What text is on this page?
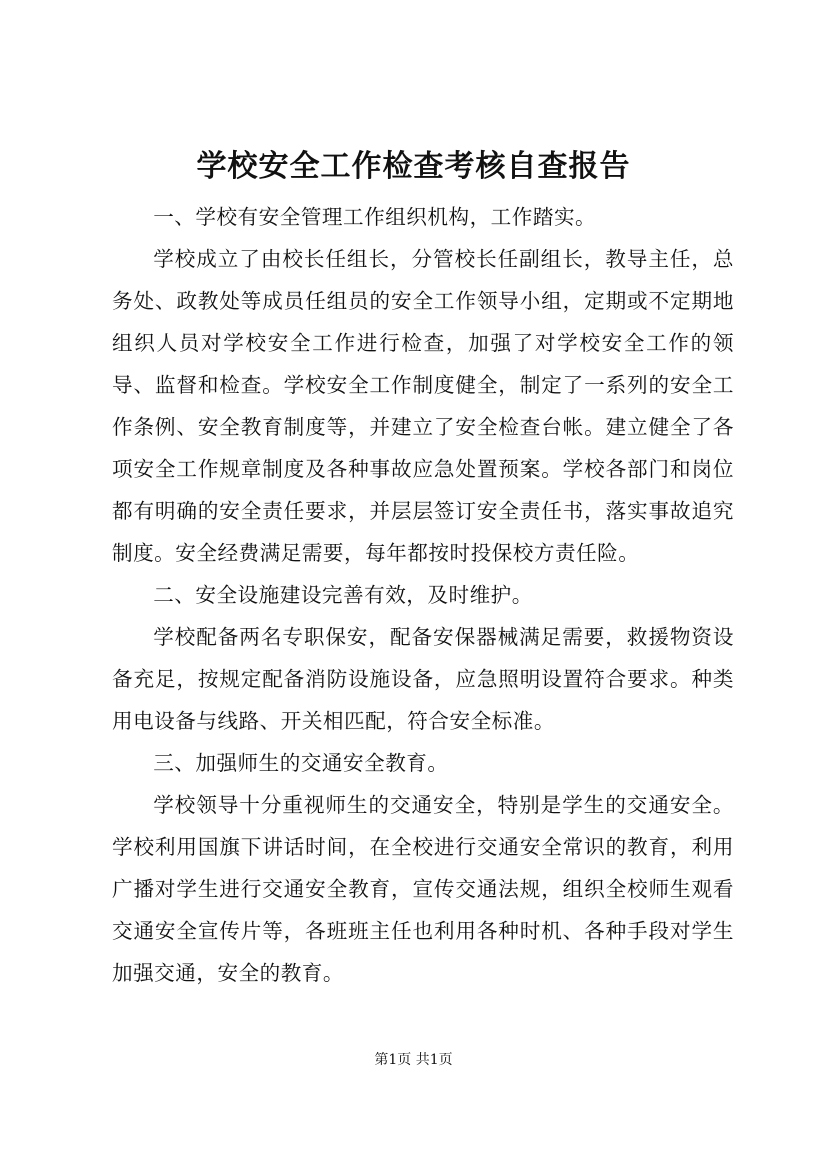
学校安全工作检查考核自查报告

一、学校有安全管理工作组织机构，工作踏实。

学校成立了由校长任组长，分管校长任副组长，教导主任，总务处、政教处等成员任组员的安全工作领导小组，定期或不定期地组织人员对学校安全工作进行检查，加强了对学校安全工作的领导、监督和检查。学校安全工作制度健全，制定了一系列的安全工作条例、安全教育制度等，并建立了安全检查台帐。建立健全了各项安全工作规章制度及各种事故应急处置预案。学校各部门和岗位都有明确的安全责任要求，并层层签订安全责任书，落实事故追究制度。安全经费满足需要，每年都按时投保校方责任险。

二、安全设施建设完善有效，及时维护。

学校配备两名专职保安，配备安保器械满足需要，救援物资设备充足，按规定配备消防设施设备，应急照明设置符合要求。种类用电设备与线路、开关相匹配，符合安全标准。

三、加强师生的交通安全教育。

学校领导十分重视师生的交通安全，特别是学生的交通安全。学校利用国旗下讲话时间，在全校进行交通安全常识的教育，利用广播对学生进行交通安全教育，宣传交通法规，组织全校师生观看交通安全宣传片等，各班班主任也利用各种时机、各种手段对学生加强交通，安全的教育。

第1页 共1页
